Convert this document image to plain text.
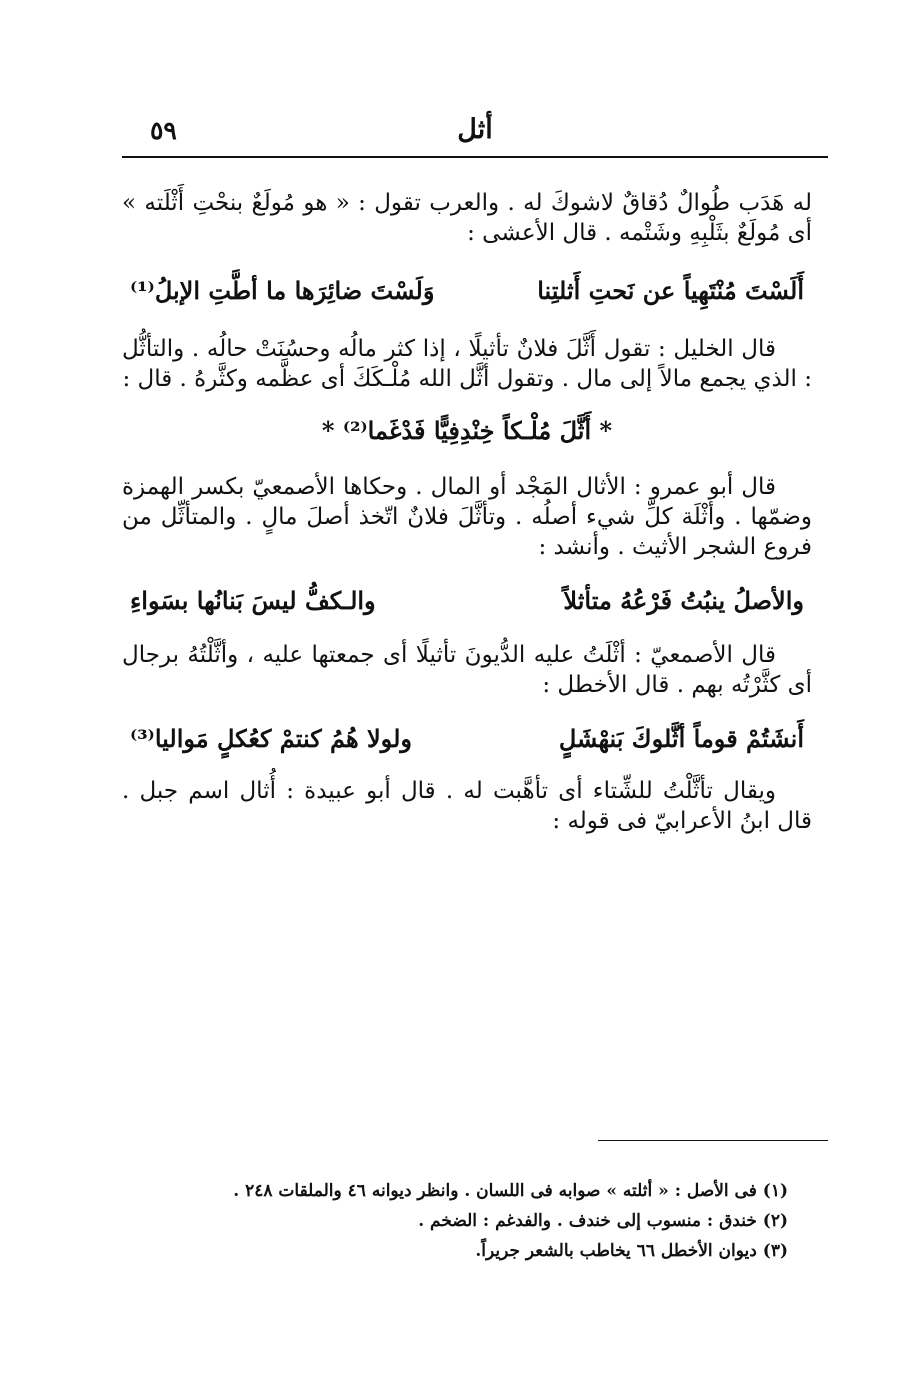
٥٩	أثل

له هَدَب طُوالٌ دُقاقٌ لاشوكَ له . والعرب تقول : « هو مُولَعٌ بنحْتِ أَثْلَته » أى مُولَعٌ بثَلْبِهِ وشَتْمه . قال الأعشى :

أَلَسْتَ مُنْتَهِياً عن نَحتِ أَثلتِنا
وَلَسْتَ ضائِرَها ما أطَّتِ الإبلُ⁽¹⁾

قال الخليل : تقول أَثَّلَ فلانٌ تأثيلًا ، إذا كثر مالُه وحسُنَتْ حالُه . والتأثُّل : الذي يجمع مالاً إلى مال . وتقول أثَّل الله مُلْـكَكَ أى عظَّمه وكثَّرهُ . قال :

* أَثَّلَ مُلْـكاً خِنْدِفِيًّا فَدْغَما⁽²⁾ *

قال أبو عمرو : الأثال المَجْد أو المال . وحكاها الأصمعيّ بكسر الهمزة وضمّها . وأثْلَة كلِّ شيء أصلُه . وتأثَّلَ فلانٌ اتّخذ أصلَ مالٍ . والمتأثِّل من فروع الشجر الأثيث . وأنشد :

والأصلُ ينبُتُ فَرْعُهُ متأثلاً
والـكفُّ ليسَ بَنانُها بسَواءِ

قال الأصمعيّ : أثْلَتُ عليه الدُّيونَ تأثيلًا أى جمعتها عليه ، وأثَّلْتُهُ برجال أى كثَّرْتُه بهم . قال الأخطل :

أَنشَتُمْ قوماً أثَّلوكَ بَنهْشَلٍ
ولولا هُمُ كنتمْ كعُكلٍ مَواليا⁽³⁾

ويقال تأثَّلْتُ للشِّتاء أى تأهَّبت له . قال أبو عبيدة : أُثال اسم جبل . قال ابنُ الأعرابيّ فى قوله :

(١) فى الأصل : « أثلته » صوابه فى اللسان . وانظر ديوانه ٤٦ والملقات ٢٤٨ .

(٢) خندق : منسوب إلى خندف . والفدغم : الضخم .

(٣) ديوان الأخطل ٦٦ يخاطب بالشعر جريراً.
